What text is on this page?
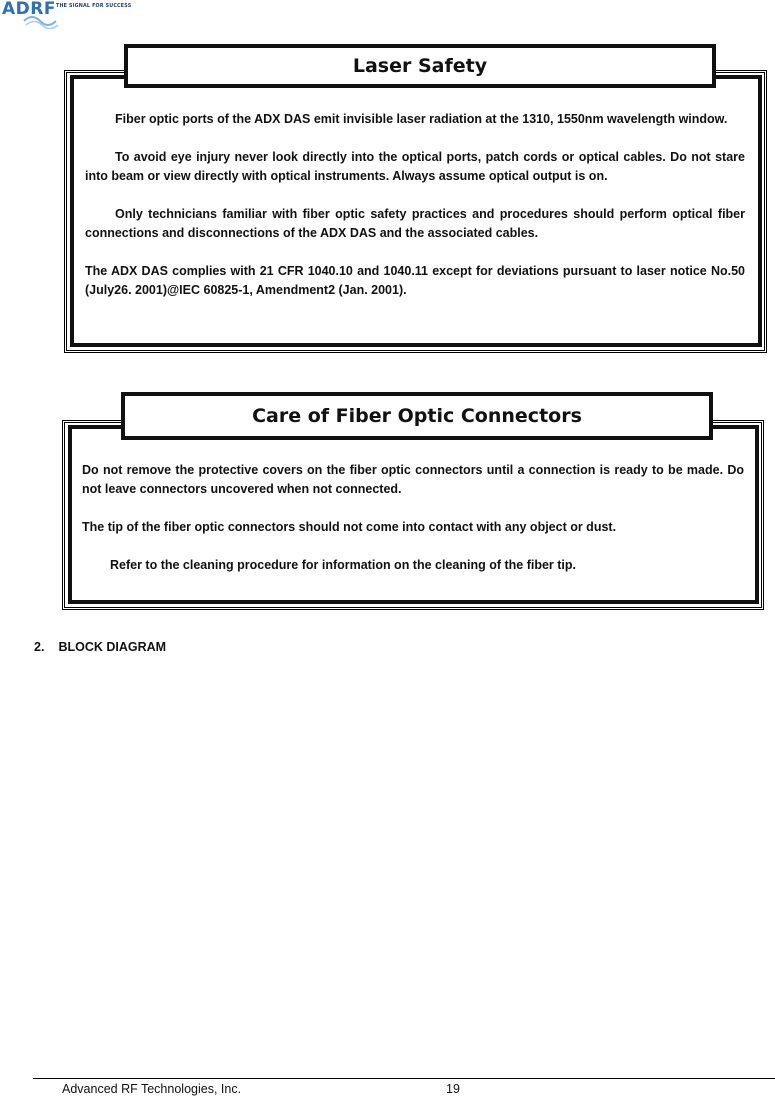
ADRF THE SIGNAL FOR SUCCESS
Laser Safety

Fiber optic ports of the ADX DAS emit invisible laser radiation at the 1310, 1550nm wavelength window.

To avoid eye injury never look directly into the optical ports, patch cords or optical cables. Do not stare into beam or view directly with optical instruments. Always assume optical output is on.

Only technicians familiar with fiber optic safety practices and procedures should perform optical fiber connections and disconnections of the ADX DAS and the associated cables.

The ADX DAS complies with 21 CFR 1040.10 and 1040.11 except for deviations pursuant to laser notice No.50 (July26. 2001)@IEC 60825-1, Amendment2 (Jan. 2001).

Care of Fiber Optic Connectors

Do not remove the protective covers on the fiber optic connectors until a connection is ready to be made. Do not leave connectors uncovered when not connected.

The tip of the fiber optic connectors should not come into contact with any object or dust.

Refer to the cleaning procedure for information on the cleaning of the fiber tip.

2. BLOCK DIAGRAM
Advanced RF Technologies, Inc.	19
